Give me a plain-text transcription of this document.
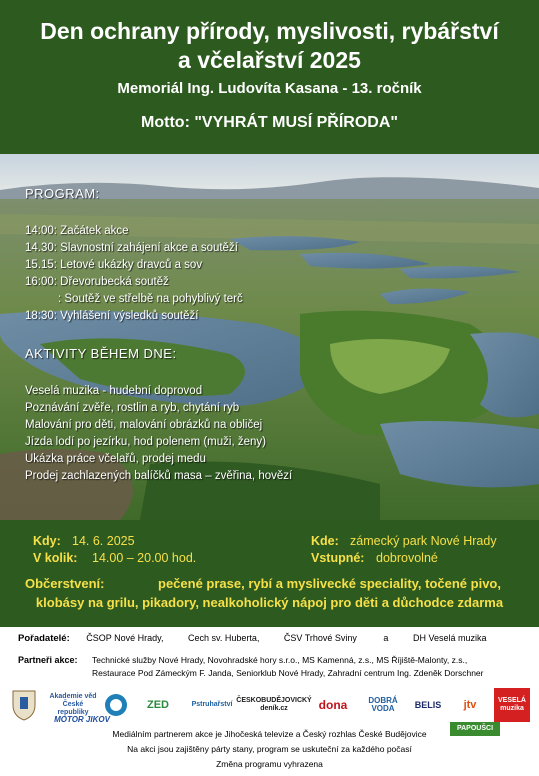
Den ochrany přírody, myslivosti, rybářství
a včelařství 2025
Memoriál Ing. Ludovíta Kasana - 13. ročník
Motto: "VYHRÁT MUSÍ PŘÍRODA"
PROGRAM:
14:00: Začátek akce
14.30: Slavnostní zahájení akce a soutěží
15.15: Letové ukázky dravců a sov
16:00: Dřevorubecká soutěž
: Soutěž ve střelbě na pohyblivý terč
18:30: Vyhlášení výsledků soutěží
AKTIVITY BĚHEM DNE:
Veselá muzika - hudební doprovod
Poznávání zvěře, rostlin a ryb, chytání ryb
Malování pro děti, malování obrázků na obličej
Jízda lodí po jezírku, hod polenem (muži, ženy)
Ukázka práce včelařů, prodej medu
Prodej zachlazených balíčků masa – zvěřina, hovězí
Kdy: 14. 6. 2025
V kolik: 14.00 – 20.00 hod.
Kde: zámecký park Nové Hrady
Vstupné: dobrovolné
Občerstvení:	pečené prase, rybí a myslivecké speciality, točené pivo,
klobásy na grilu, pikadory, nealkoholický nápoj pro děti a důchodce zdarma
Pořadatelé: ČSOP Nové Hrady,	Cech sv. Huberta,	ČSV Trhové Sviny	a	DH Veselá muzika
Partneři akce: Technické služby Nové Hrady, Novohradské hory s.r.o., MS Kamenná, z.s., MS Říjiště-Malonty, z.s.,
Restaurace Pod Zámeckým F. Janda, Seniorklub Nové Hrady, Zahradní centrum Ing. Zdeněk Dorschner
Akademie věd České republiky
ZED	Pstruhařství
ČESKOBUDĚJOVICKÝ deník.cz	dona	DOBRÁ VODA	BELIS	jtv	VESELÁ muzika
MOTOR JIKOV
PAPOUŠCI
Mediálním partnerem akce je Jihočeská televize a Český rozhlas České Budějovice
Na akci jsou zajištěny párty stany, program se uskuteční za každého počasí
Změna programu vyhrazena
